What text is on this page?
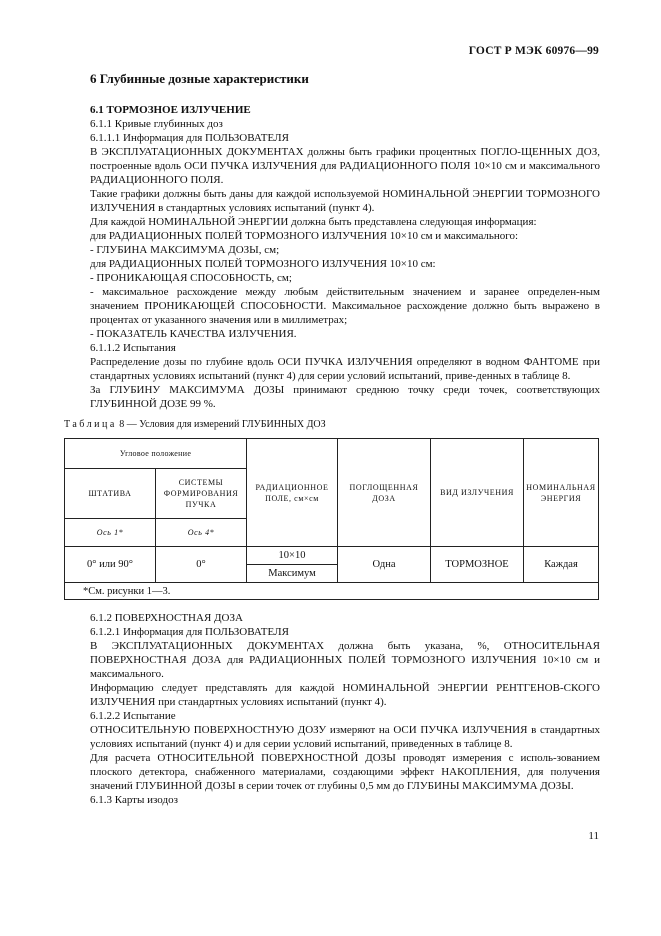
ГОСТ Р МЭК 60976—99
6 Глубинные дозные характеристики
6.1 ТОРМОЗНОЕ ИЗЛУЧЕНИЕ

6.1.1 Кривые глубинных доз

6.1.1.1 Информация для ПОЛЬЗОВАТЕЛЯ

В ЭКСПЛУАТАЦИОННЫХ ДОКУМЕНТАХ должны быть графики процентных ПОГЛО-ЩЕННЫХ ДОЗ, построенные вдоль ОСИ ПУЧКА ИЗЛУЧЕНИЯ для РАДИАЦИОННОГО ПОЛЯ 10×10 см и максимального РАДИАЦИОННОГО ПОЛЯ.

Такие графики должны быть даны для каждой используемой НОМИНАЛЬНОЙ ЭНЕРГИИ ТОРМОЗНОГО ИЗЛУЧЕНИЯ в стандартных условиях испытаний (пункт 4).

Для каждой НОМИНАЛЬНОЙ ЭНЕРГИИ должна быть представлена следующая информация:

для РАДИАЦИОННЫХ ПОЛЕЙ ТОРМОЗНОГО ИЗЛУЧЕНИЯ 10×10 см и максимального:

- ГЛУБИНА МАКСИМУМА ДОЗЫ, см;

для РАДИАЦИОННЫХ ПОЛЕЙ ТОРМОЗНОГО ИЗЛУЧЕНИЯ 10×10 см:

- ПРОНИКАЮЩАЯ СПОСОБНОСТЬ, см;

- максимальное расхождение между любым действительным значением и заранее определен-ным значением ПРОНИКАЮЩЕЙ СПОСОБНОСТИ. Максимальное расхождение должно быть выражено в процентах от указанного значения или в миллиметрах;

- ПОКАЗАТЕЛЬ КАЧЕСТВА ИЗЛУЧЕНИЯ.

6.1.1.2 Испытания

Распределение дозы по глубине вдоль ОСИ ПУЧКА ИЗЛУЧЕНИЯ определяют в водном ФАНТОМЕ при стандартных условиях испытаний (пункт 4) для серии условий испытаний, приве-денных в таблице 8.

За ГЛУБИНУ МАКСИМУМА ДОЗЫ принимают среднюю точку среди точек, соответствующих ГЛУБИННОЙ ДОЗЕ 99 %.

Таблица 8 — Условия для измерений ГЛУБИННЫХ ДОЗ
Угловое положение		РАДИАЦИОННОЕ ПОЛЕ, см×см	ПОГЛОЩЕННАЯ ДОЗА	ВИД ИЗЛУЧЕНИЯ	НОМИНАЛЬНАЯ ЭНЕРГИЯ
ШТАТИВА	СИСТЕМЫ ФОРМИРОВАНИЯ ПУЧКА				
Ось 1*	Ось 4*				
0° или 90°	0°	10×10	Одна	ТОРМОЗНОЕ	Каждая
		Максимум			
*См. рисунки 1—3.					

6.1.2 ПОВЕРХНОСТНАЯ ДОЗА

6.1.2.1 Информация для ПОЛЬЗОВАТЕЛЯ

В ЭКСПЛУАТАЦИОННЫХ ДОКУМЕНТАХ должна быть указана, %, ОТНОСИТЕЛЬНАЯ ПОВЕРХНОСТНАЯ ДОЗА для РАДИАЦИОННЫХ ПОЛЕЙ ТОРМОЗНОГО ИЗЛУЧЕНИЯ 10×10 см и максимального.

Информацию следует представлять для каждой НОМИНАЛЬНОЙ ЭНЕРГИИ РЕНТГЕНОВ-СКОГО ИЗЛУЧЕНИЯ при стандартных условиях испытаний (пункт 4).

6.1.2.2 Испытание

ОТНОСИТЕЛЬНУЮ ПОВЕРХНОСТНУЮ ДОЗУ измеряют на ОСИ ПУЧКА ИЗЛУЧЕНИЯ в стандартных условиях испытаний (пункт 4) и для серии условий испытаний, приведенных в таблице 8.

Для расчета ОТНОСИТЕЛЬНОЙ ПОВЕРХНОСТНОЙ ДОЗЫ проводят измерения с исполь-зованием плоского детектора, снабженного материалами, создающими эффект НАКОПЛЕНИЯ, для получения значений ГЛУБИННОЙ ДОЗЫ в серии точек от глубины 0,5 мм до ГЛУБИНЫ МАКСИМУМА ДОЗЫ.

6.1.3 Карты изодоз

11
